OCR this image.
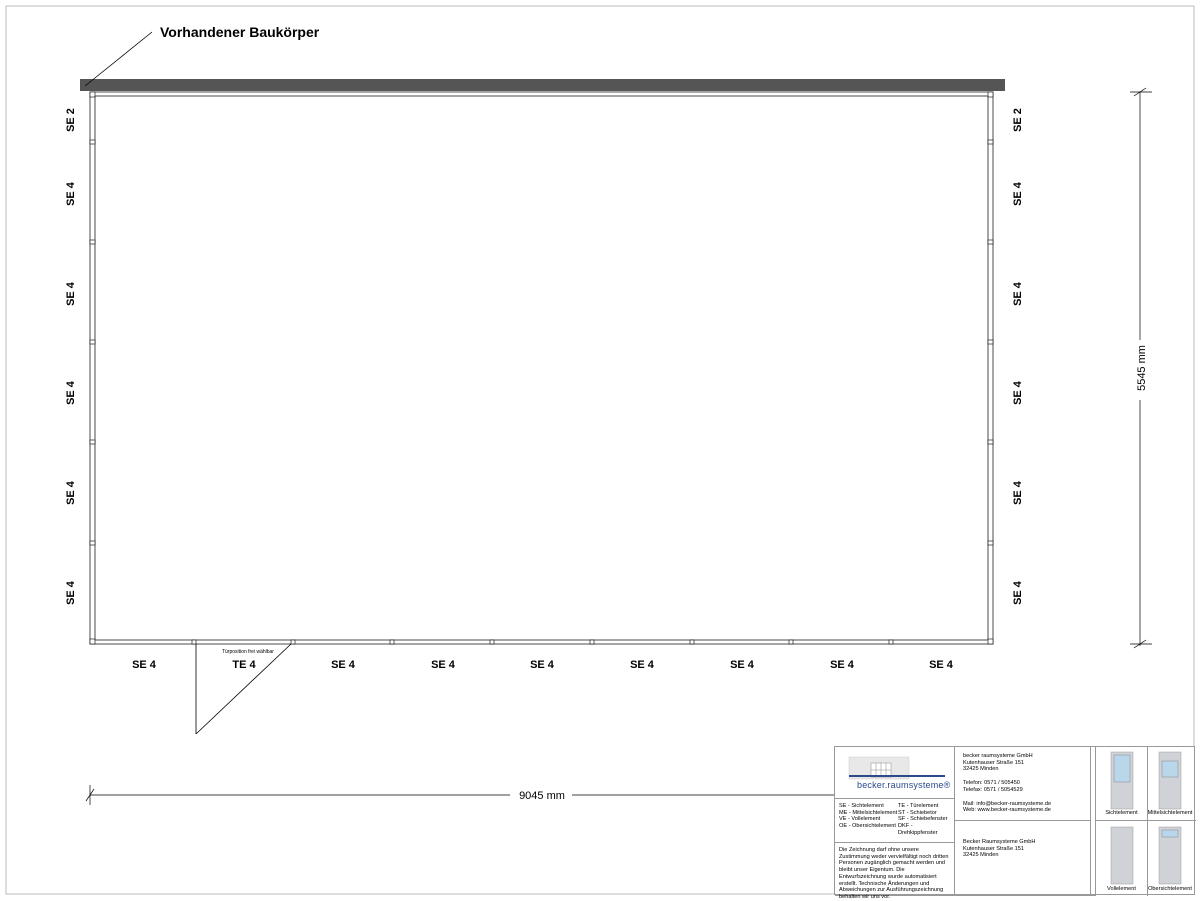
Vorhandener Baukörper
Türposition frei wählbar
SE 2
SE 4
SE 4
SE 4
SE 4
SE 4
SE 2
SE 4
SE 4
SE 4
SE 4
SE 4
SE 4	TE 4	SE 4	SE 4	SE 4	SE 4	SE 4	SE 4	SE 4
5545 mm
9045 mm
becker.raumsysteme®
SE - Sichtelement	TE - Türelement
ME - Mittelsichtelement ST - Schiebetor
VE - Vollelement	SF - Schiebefenster
OE - Obersichtelement DKF - Drehkippfenster
Die Zeichnung darf ohne unsere Zustimmung weder vervielfältigt noch dritten Personen zugänglich gemacht werden und bleibt unser Eigentum. Die Entwurfszeichnung wurde automatisiert erstellt. Technische Änderungen und Abweichungen zur Ausführungszeichnung behalten wir uns vor.
becker raumsysteme GmbH
Kutenhauser Straße 151
32425 Minden
Telefon: 0571 / 505450
Telefax: 0571 / 5054529
Mail: info@becker-raumsysteme.de
Web: www.becker-raumsysteme.de
Becker Raumsysteme GmbH
Kutenhauser Straße 151
32425 Minden
Sichtelement	Mittelsichtelement
Vollelement	Obersichtelement
